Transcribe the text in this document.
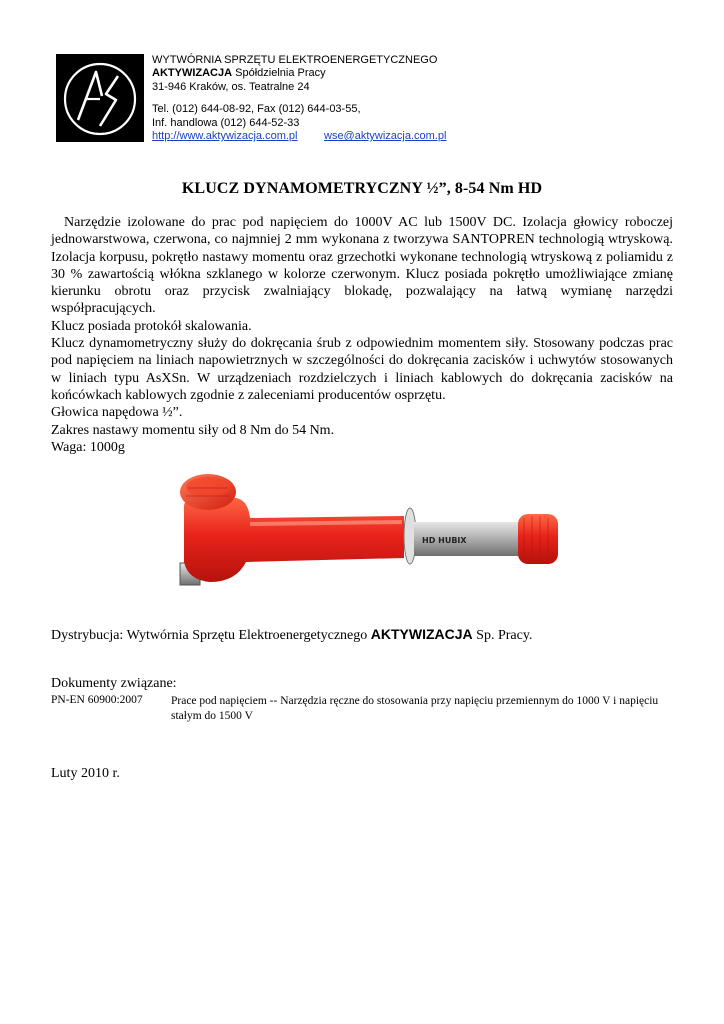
WYTWÓRNIA SPRZĘTU ELEKTROENERGETYCZNEGO
AKTYWIZACJA Spółdzielnia Pracy
31-946 Kraków, os. Teatralne 24
Tel. (012) 644-08-92, Fax (012) 644-03-55,
Inf. handlowa (012) 644-52-33
http://www.aktywizacja.com.pl wse@aktywizacja.com.pl
KLUCZ DYNAMOMETRYCZNY ½”, 8-54 Nm HD

Narzędzie izolowane do prac pod napięciem do 1000V AC lub 1500V DC. Izolacja głowicy roboczej jednowarstwowa, czerwona, co najmniej 2 mm wykonana z tworzywa SANTOPREN technologią wtryskową. Izolacja korpusu, pokrętło nastawy momentu oraz grzechotki wykonane technologią wtryskową z poliamidu z 30 % zawartością włókna szklanego w kolorze czerwonym. Klucz posiada pokrętło umożliwiające zmianę kierunku obrotu oraz przycisk zwalniający blokadę, pozwalający na łatwą wymianę narzędzi współpracujących.

Klucz posiada protokół skalowania.

Klucz dynamometryczny służy do dokręcania śrub z odpowiednim momentem siły. Stosowany podczas prac pod napięciem na liniach napowietrznych w szczególności do dokręcania zacisków i uchwytów stosowanych w liniach typu AsXSn. W urządzeniach rozdzielczych i liniach kablowych do dokręcania zacisków na końcówkach kablowych zgodnie z zaleceniami producentów osprzętu.

Głowica napędowa ½”.

Zakres nastawy momentu siły od 8 Nm do 54 Nm.

Waga: 1000g

HD HUBIX
Dystrybucja: Wytwórnia Sprzętu Elektroenergetycznego AKTYWIZACJA Sp. Pracy.
Dokumenty związane:
PN-EN 60900:2007 Prace pod napięciem -- Narzędzia ręczne do stosowania przy napięciu przemiennym do 1000 V i napięciu stałym do 1500 V
Luty 2010 r.
